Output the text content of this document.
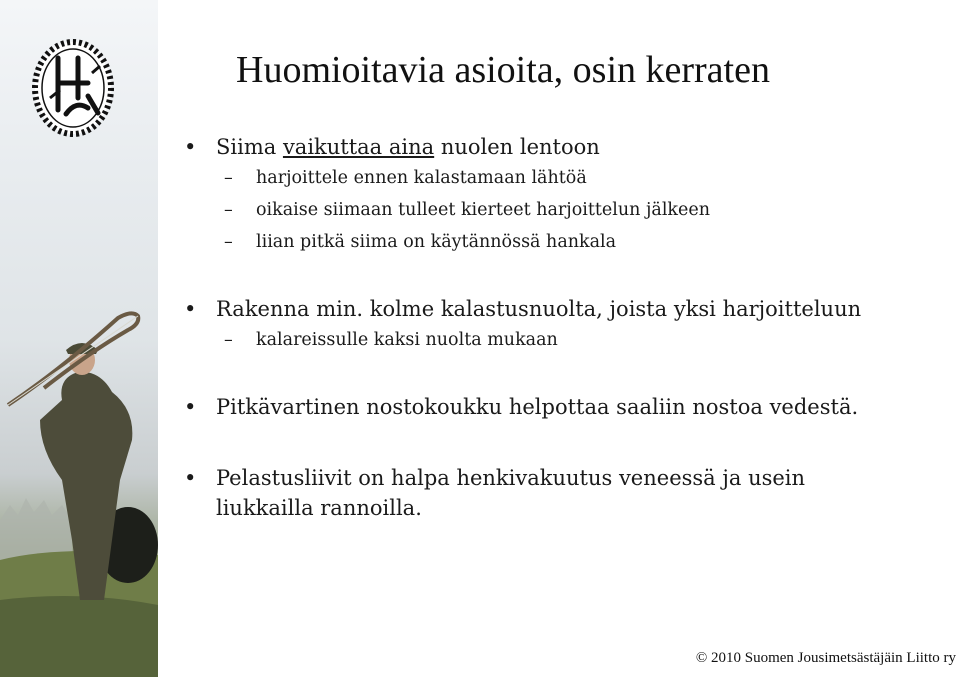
Huomioitavia asioita, osin kerraten
• Siima vaikuttaa aina nuolen lentoon
– harjoittele ennen kalastamaan lähtöä
– oikaise siimaan tulleet kierteet harjoittelun jälkeen
– liian pitkä siima on käytännössä hankala
• Rakenna min. kolme kalastusnuolta, joista yksi harjoitteluun
– kalareissulle kaksi nuolta mukaan
• Pitkävartinen nostokoukku helpottaa saaliin nostoa vedestä.
• Pelastusliivit on halpa henkivakuutus veneessä ja usein
liukkailla rannoilla.
© 2010 Suomen Jousimetsästäjäin Liitto ry
